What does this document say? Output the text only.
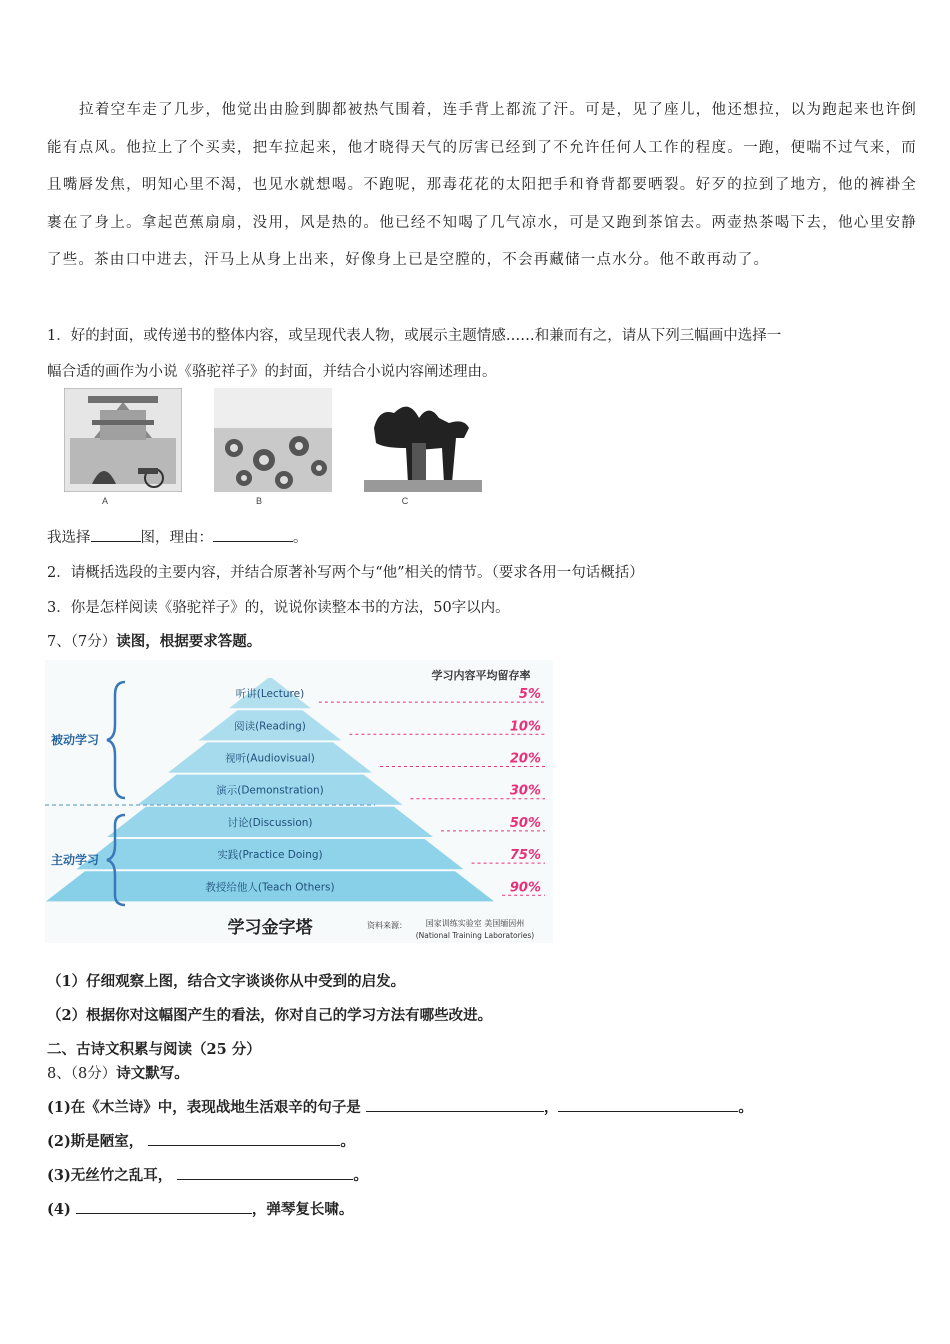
拉着空车走了几步，他觉出由脸到脚都被热气围着，连手背上都流了汗。可是，见了座儿，他还想拉，以为跑起来也许倒能有点风。他拉上了个买卖，把车拉起来，他才晓得天气的厉害已经到了不允许任何人工作的程度。一跑，便喘不过气来，而且嘴唇发焦，明知心里不渴，也见水就想喝。不跑呢，那毒花花的太阳把手和脊背都要晒裂。好歹的拉到了地方，他的裤褂全裹在了身上。拿起芭蕉扇扇，没用，风是热的。他已经不知喝了几气凉水，可是又跑到茶馆去。两壶热茶喝下去，他心里安静了些。茶由口中进去，汗马上从身上出来，好像身上已是空膛的，不会再藏储一点水分。他不敢再动了。

1．好的封面，或传递书的整体内容，或呈现代表人物，或展示主题情感……和兼而有之，请从下列三幅画中选择一

幅合适的画作为小说《骆驼祥子》的封面，并结合小说内容阐述理由。

A	B	C

我选择	图，理由：	。

2．请概括选段的主要内容，并结合原著补写两个与“他”相关的情节。（要求各用一句话概括）

3．你是怎样阅读《骆驼祥子》的，说说你读整本书的方法，50字以内。

7、（7分）读图，根据要求答题。

被动学习
主动学习
学习内容平均留存率
听讲(Lecture)	5%
阅读(Reading)	10%
视听(Audiovisual)	20%
演示(Demonstration)	30%
讨论(Discussion)	50%
实践(Practice Doing)	75%
教授给他人(Teach Others)	90%
学习金字塔	资料来源： 国家训练实验室 美国缅因州
(National Training Laboratories)

（1）仔细观察上图，结合文字谈谈你从中受到的启发。

（2）根据你对这幅图产生的看法，你对自己的学习方法有哪些改进。

二、古诗文积累与阅读（25 分）

8、（8分）诗文默写。

(1)在《木兰诗》中，表现战地生活艰辛的句子是	，	。

(2)斯是陋室，	。

(3)无丝竹之乱耳，	。

(4)	，弹琴复长啸。
